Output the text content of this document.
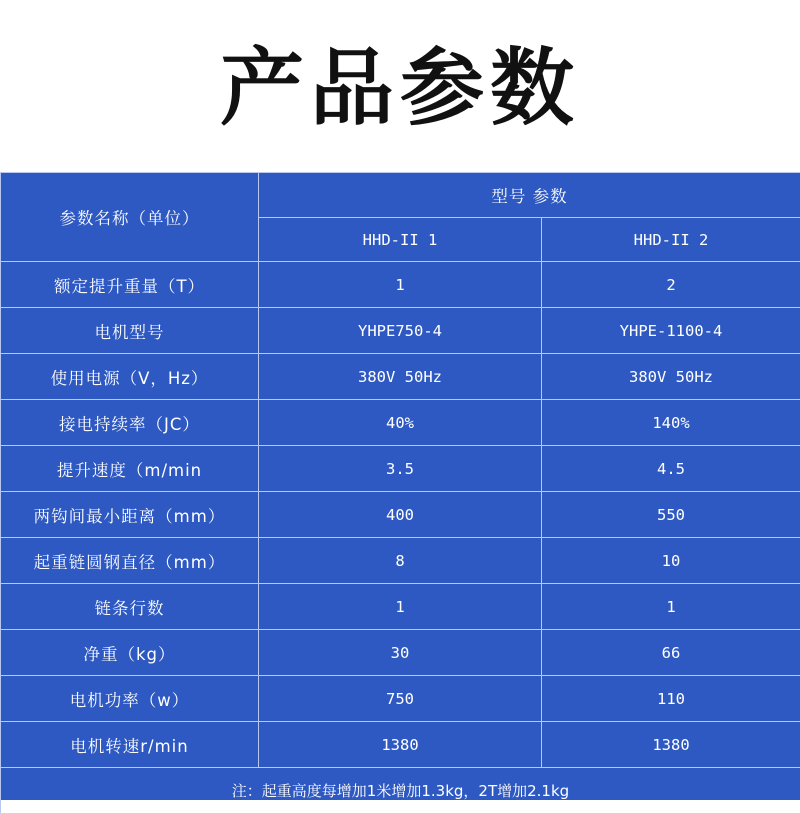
产品参数
参数名称（单位）	型号 参数	
	HHD-II 1	HHD-II 2
额定提升重量（T）	1	2
电机型号	YHPE750-4	YHPE-1100-4
使用电源（V，Hz）	380V 50Hz	380V 50Hz
接电持续率（JC）	40%	140%
提升速度（m/min	3.5	4.5
两钩间最小距离（mm）	400	550
起重链圆钢直径（mm）	8	10
链条行数	1	1
净重（kg）	30	66
电机功率（w）	750	110
电机转速r/min	1380	1380
注：起重高度每增加1米增加1.3kg，2T增加2.1kg		
